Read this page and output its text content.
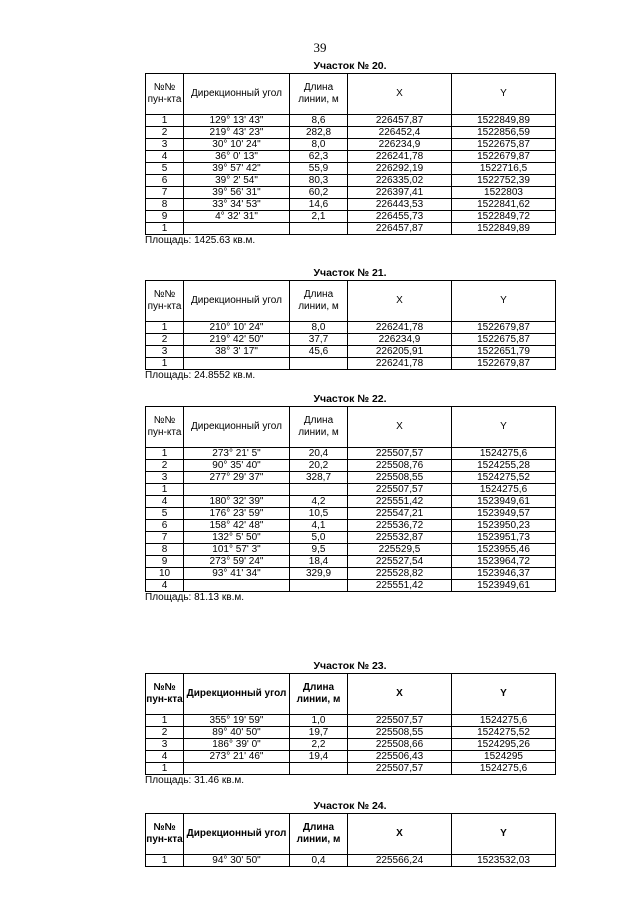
39
Участок № 20.
№№ пун-кта	Дирекционный угол	Длина линии, м	X	Y
1	129° 13' 43"	8,6	226457,87	1522849,89
2	219° 43' 23"	282,8	226452,4	1522856,59
3	30° 10' 24"	8,0	226234,9	1522675,87
4	36° 0' 13"	62,3	226241,78	1522679,87
5	39° 57' 42"	55,9	226292,19	1522716,5
6	39° 2' 54"	80,3	226335,02	1522752,39
7	39° 56' 31"	60,2	226397,41	1522803
8	33° 34' 53"	14,6	226443,53	1522841,62
9	4° 32' 31"	2,1	226455,73	1522849,72
1			226457,87	1522849,89
Площадь: 1425.63 кв.м.
Участок № 21.
№№ пун-кта	Дирекционный угол	Длина линии, м	X	Y
1	210° 10' 24"	8,0	226241,78	1522679,87
2	219° 42' 50"	37,7	226234,9	1522675,87
3	38° 3' 17"	45,6	226205,91	1522651,79
1			226241,78	1522679,87
Площадь: 24.8552 кв.м.
Участок № 22.
№№ пун-кта	Дирекционный угол	Длина линии, м	X	Y
1	273° 21' 5"	20,4	225507,57	1524275,6
2	90° 35' 40"	20,2	225508,76	1524255,28
3	277° 29' 37"	328,7	225508,55	1524275,52
1			225507,57	1524275,6
4	180° 32' 39"	4,2	225551,42	1523949,61
5	176° 23' 59"	10,5	225547,21	1523949,57
6	158° 42' 48"	4,1	225536,72	1523950,23
7	132° 5' 50"	5,0	225532,87	1523951,73
8	101° 57' 3"	9,5	225529,5	1523955,46
9	273° 59' 24"	18,4	225527,54	1523964,72
10	93° 41' 34"	329,9	225528,82	1523946,37
4			225551,42	1523949,61
Площадь: 81.13 кв.м.
Участок № 23.
№№ пун-кта	Дирекционный угол	Длина линии, м	X	Y
1	355° 19' 59"	1,0	225507,57	1524275,6
2	89° 40' 50"	19,7	225508,55	1524275,52
3	186° 39' 0"	2,2	225508,66	1524295,26
4	273° 21' 46"	19,4	225506,43	1524295
1			225507,57	1524275,6
Площадь: 31.46 кв.м.
Участок № 24.
№№ пун-кта	Дирекционный угол	Длина линии, м	X	Y
1	94° 30' 50"	0,4	225566,24	1523532,03
